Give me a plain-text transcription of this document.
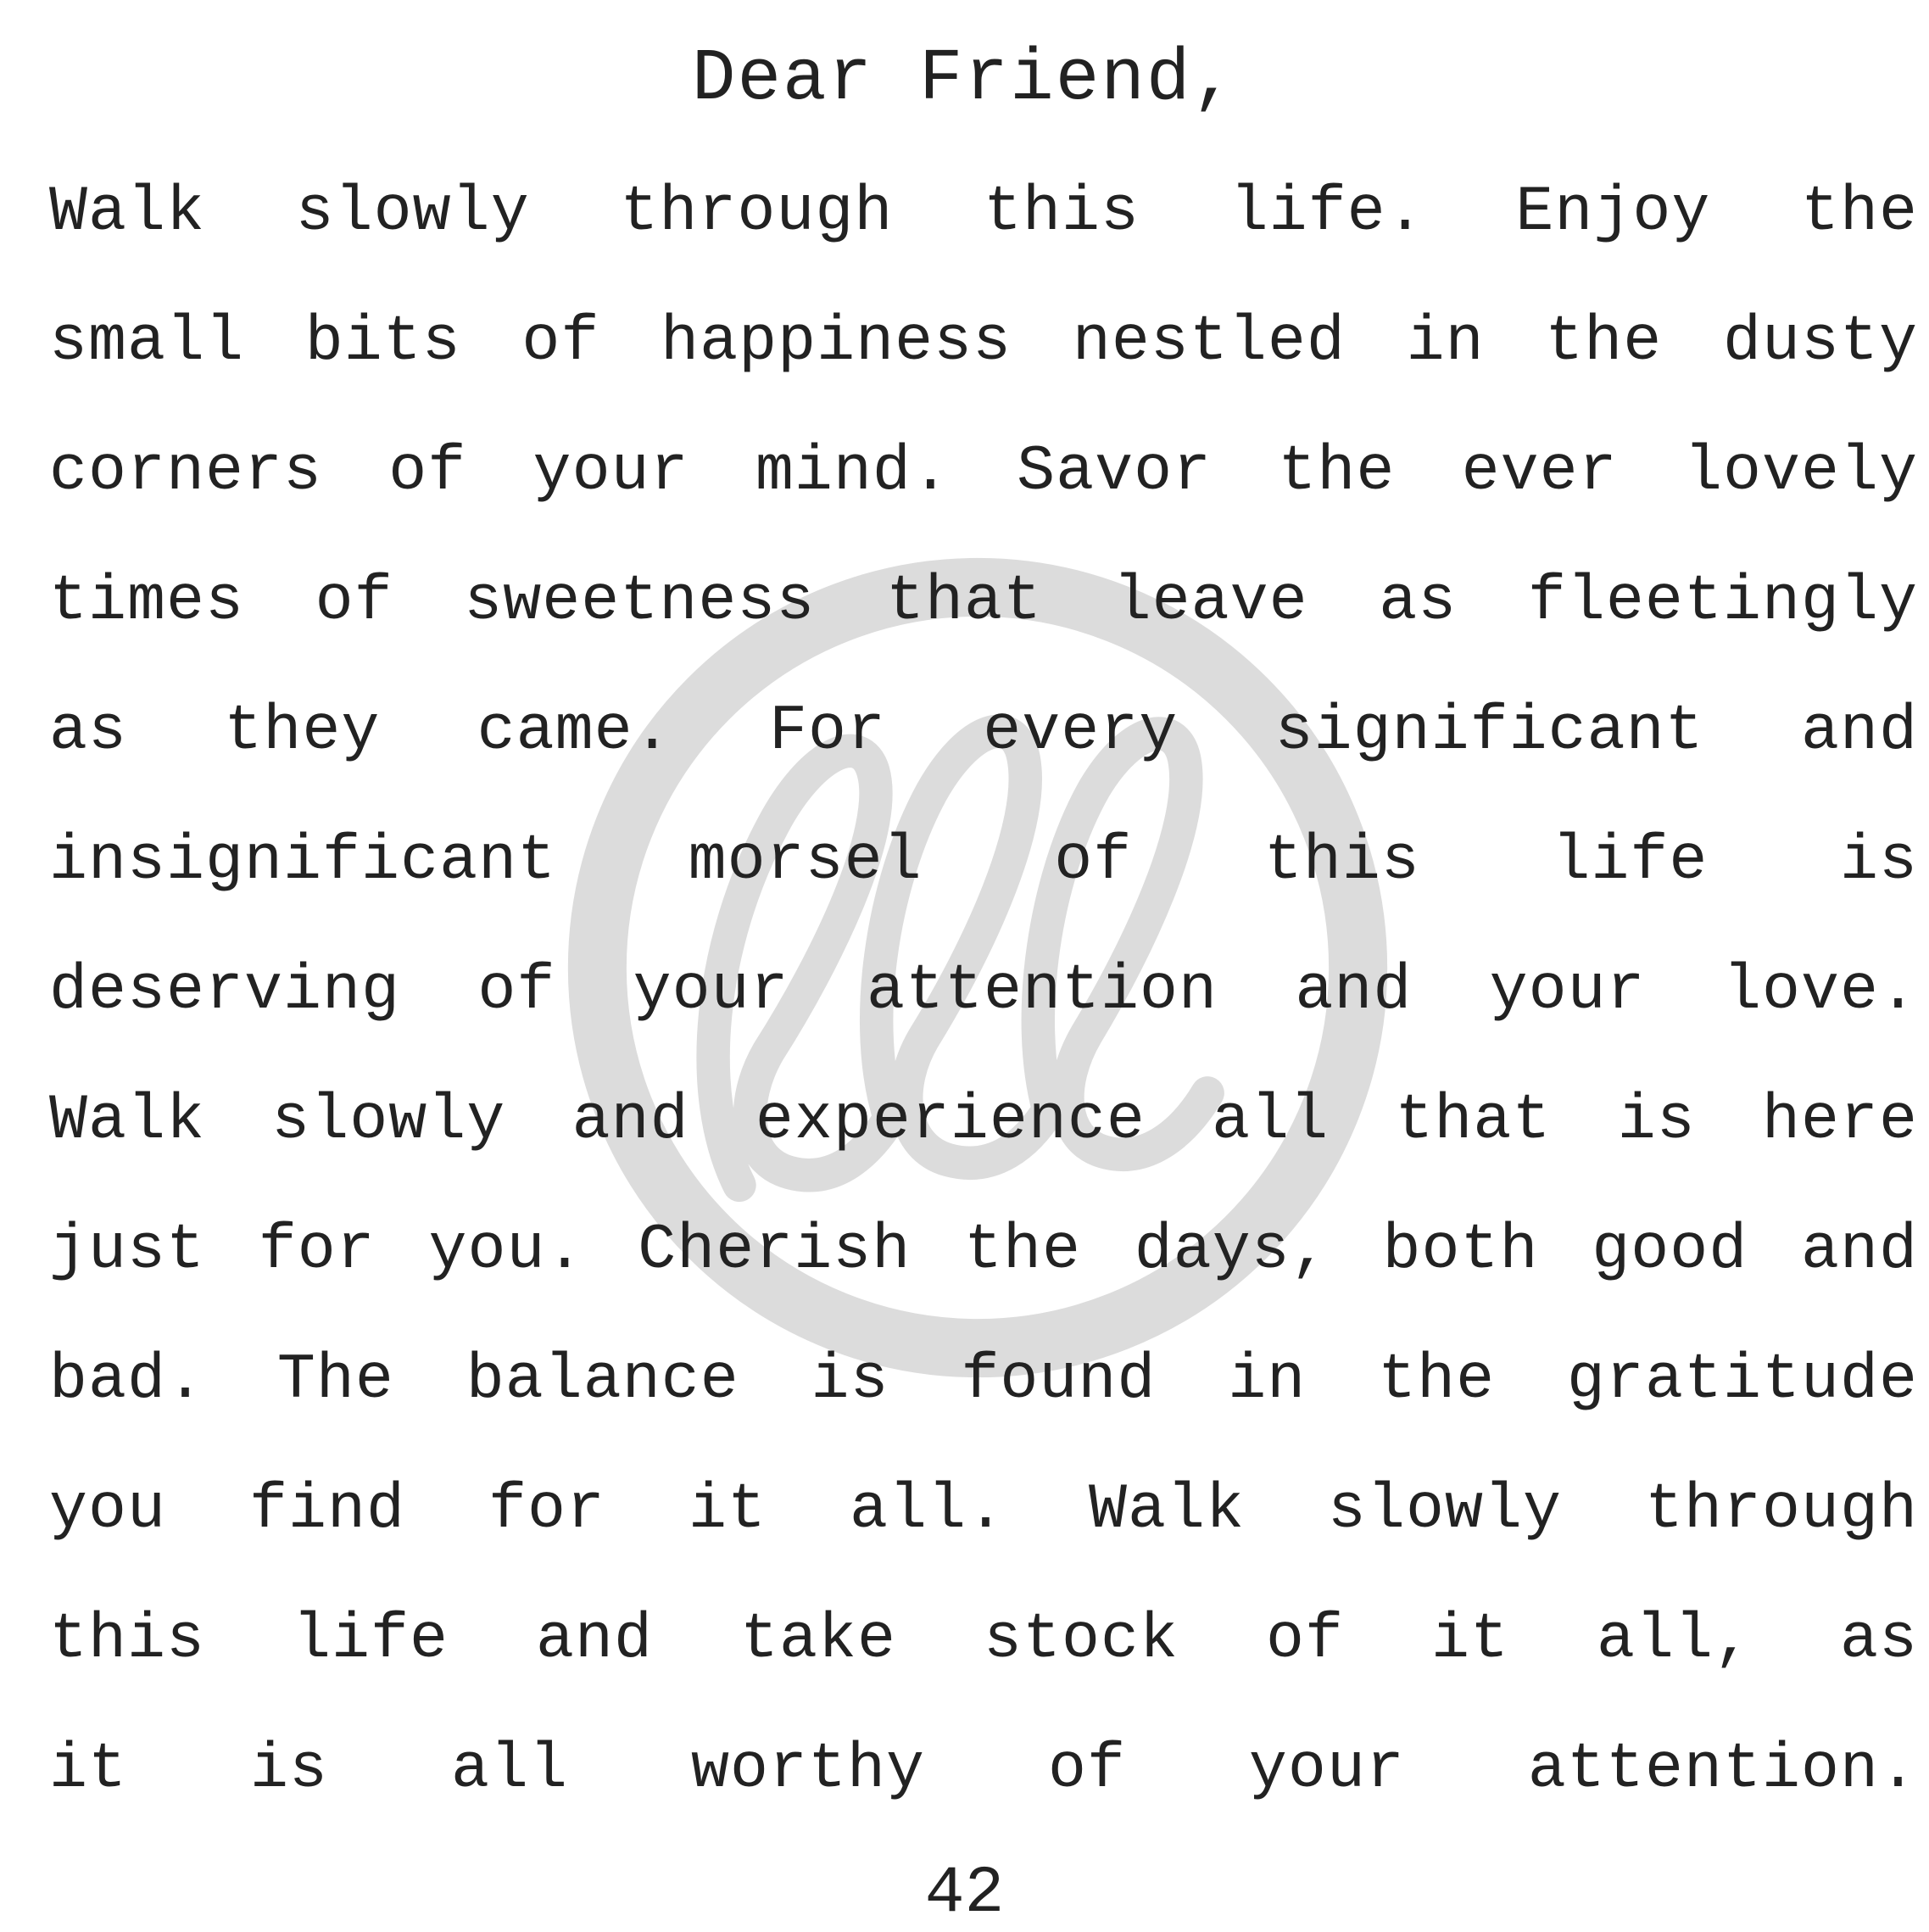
Dear Friend,
Walk slowly through this life. Enjoy the
small bits of happiness nestled in the dusty
corners of your mind. Savor the ever lovely
times of sweetness that leave as fleetingly
as they came. For every significant and
insignificant morsel of this life is
deserving of your attention and your love.
Walk slowly and experience all that is here
just for you. Cherish the days, both good and
bad. The balance is found in the gratitude
you find for it all. Walk slowly through
this life and take stock of it all, as
it is all worthy of your attention.
42
